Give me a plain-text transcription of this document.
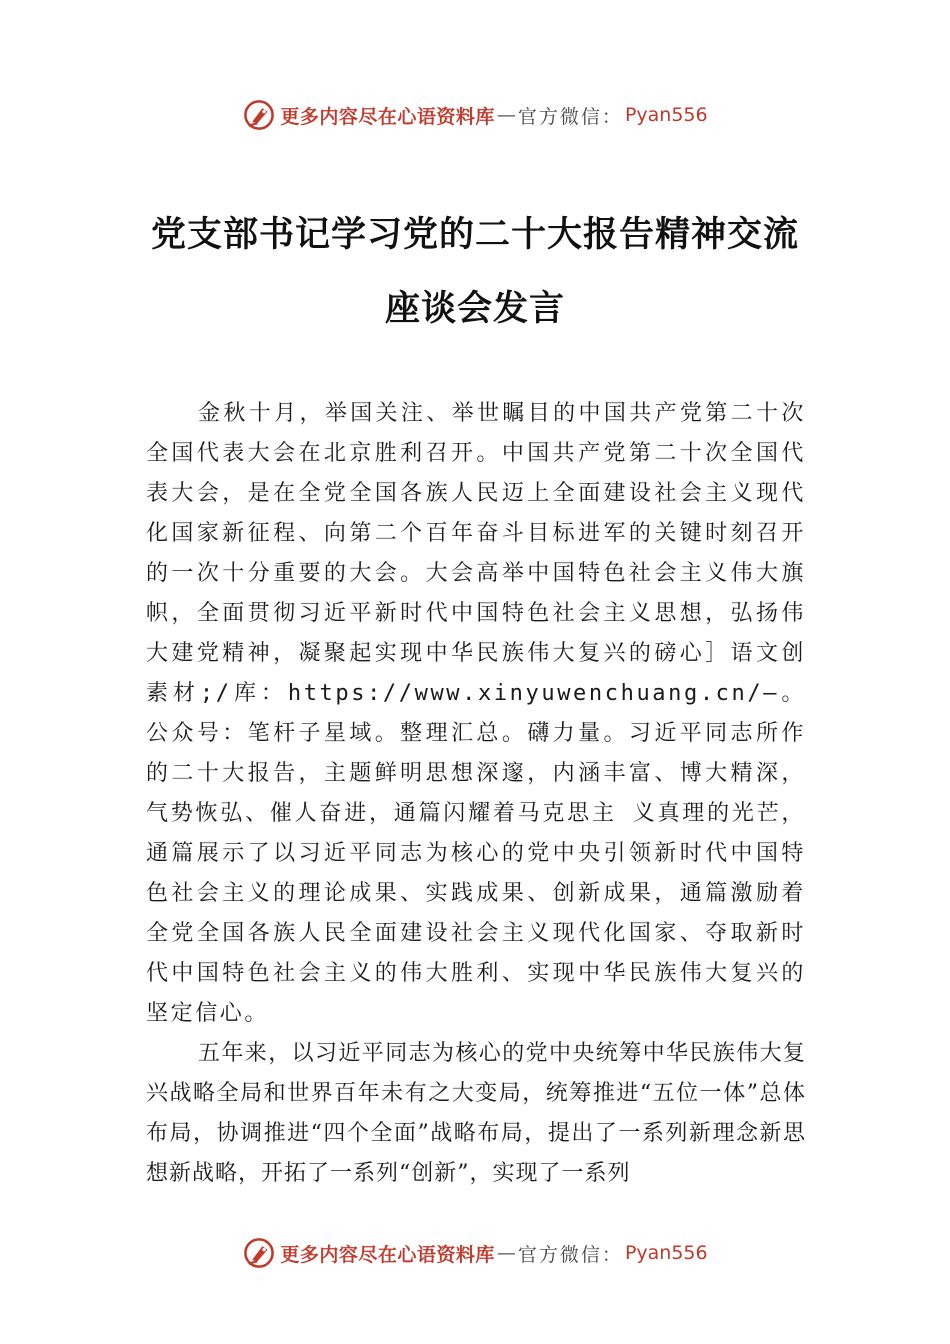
更多内容尽在心语资料库 — 官方微信： Pyan556
党支部书记学习党的二十大报告精神交流
座谈会发言

金秋十月，举国关注、举世瞩目的中国共产党第二十次全国代表大会在北京胜利召开。中国共产党第二十次全国代表大会，是在全党全国各族人民迈上全面建设社会主义现代化国家新征程、向第二个百年奋斗目标进军的关键时刻召开的一次十分重要的大会。大会高举中国特色社会主义伟大旗帜，全面贯彻习近平新时代中国特色社会主义思想，弘扬伟大建党精神，凝聚起实现中华民族伟大复兴的磅心］语文创素材;/库：https://www.xinyuwenchuang.cn/—。公众号：笔杆子星域。整理汇总。礴力量。习近平同志所作的二十大报告，主题鲜明思想深邃，内涵丰富、博大精深，气势恢弘、催人奋进，通篇闪耀着马克思主 义真理的光芒，通篇展示了以习近平同志为核心的党中央引领新时代中国特色社会主义的理论成果、实践成果、创新成果，通篇激励着全党全国各族人民全面建设社会主义现代化国家、夺取新时代中国特色社会主义的伟大胜利、实现中华民族伟大复兴的坚定信心。

五年来，以习近平同志为核心的党中央统筹中华民族伟大复兴战略全局和世界百年未有之大变局，统筹推进“五位一体”总体布局，协调推进“四个全面”战略布局，提出了一系列新理念新思想新战略，开拓了一系列“创新”，实现了一系列

更多内容尽在心语资料库 — 官方微信： Pyan556
